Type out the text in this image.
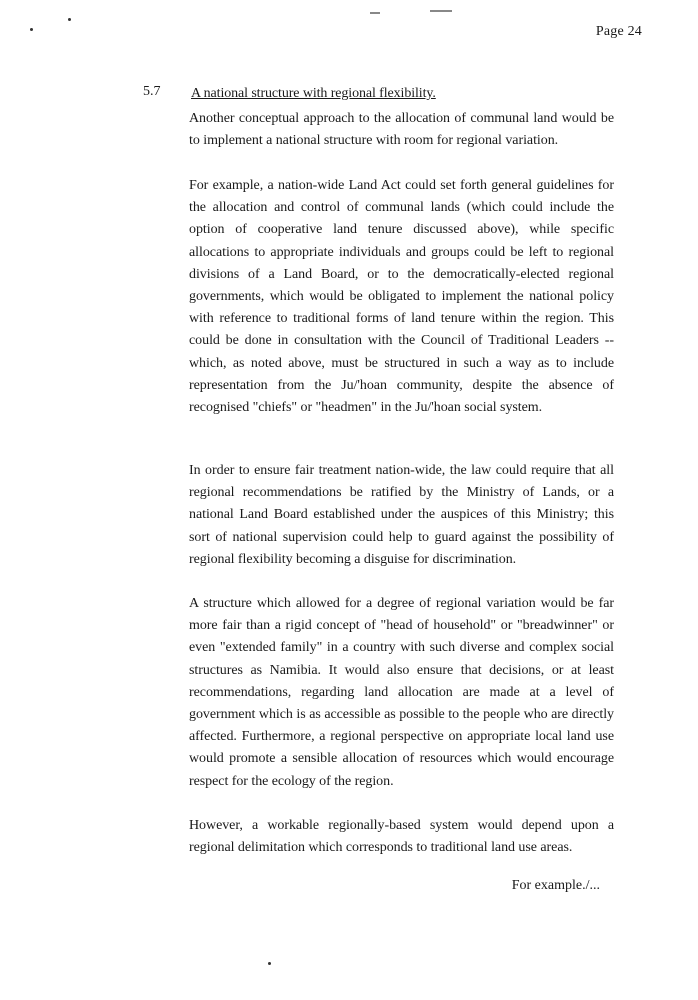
Page 24
5.7 A national structure with regional flexibility.

Another conceptual approach to the allocation of communal land would be to implement a national structure with room for regional variation.

For example, a nation-wide Land Act could set forth general guidelines for the allocation and control of communal lands (which could include the option of cooperative land tenure discussed above), while specific allocations to appropriate individuals and groups could be left to regional divisions of a Land Board, or to the democratically-elected regional governments, which would be obligated to implement the national policy with reference to traditional forms of land tenure within the region. This could be done in consultation with the Council of Traditional Leaders -- which, as noted above, must be structured in such a way as to include representation from the Ju/'hoan community, despite the absence of recognised "chiefs" or "headmen" in the Ju/'hoan social system.

In order to ensure fair treatment nation-wide, the law could require that all regional recommendations be ratified by the Ministry of Lands, or a national Land Board established under the auspices of this Ministry; this sort of national supervision could help to guard against the possibility of regional flexibility becoming a disguise for discrimination.

A structure which allowed for a degree of regional variation would be far more fair than a rigid concept of "head of household" or "breadwinner" or even "extended family" in a country with such diverse and complex social structures as Namibia. It would also ensure that decisions, or at least recommendations, regarding land allocation are made at a level of government which is as accessible as possible to the people who are directly affected. Furthermore, a regional perspective on appropriate local land use would promote a sensible allocation of resources which would encourage respect for the ecology of the region.

However, a workable regionally-based system would depend upon a regional delimitation which corresponds to traditional land use areas.

For example./...
